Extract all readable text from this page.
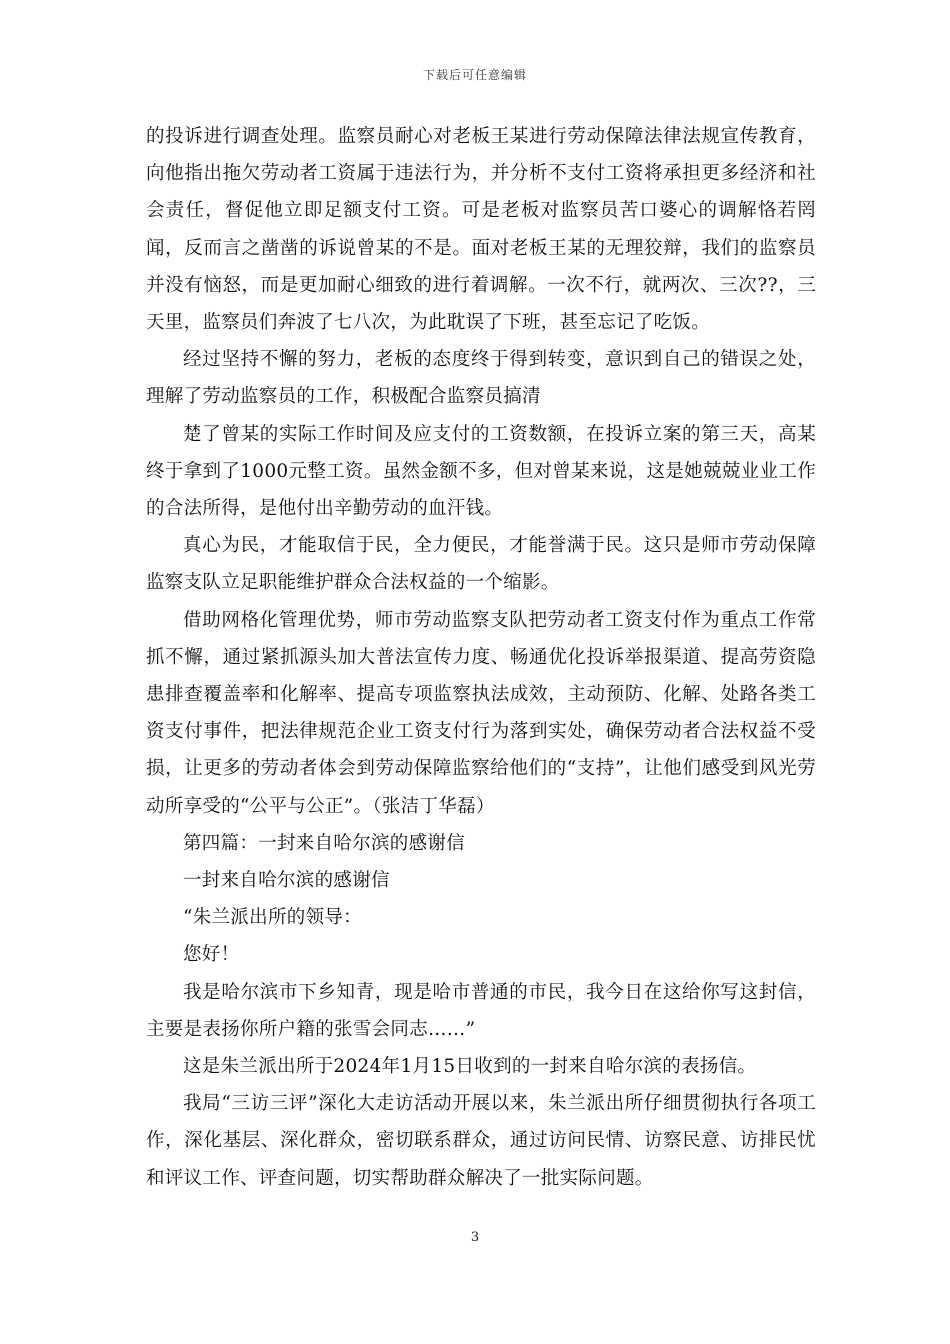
下载后可任意编辑

的投诉进行调查处理。监察员耐心对老板王某进行劳动保障法律法规宣传教育，向他指出拖欠劳动者工资属于违法行为，并分析不支付工资将承担更多经济和社会责任，督促他立即足额支付工资。可是老板对监察员苦口婆心的调解恪若罔闻，反而言之凿凿的诉说曾某的不是。面对老板王某的无理狡辩，我们的监察员并没有恼怒，而是更加耐心细致的进行着调解。一次不行，就两次、三次??，三天里，监察员们奔波了七八次，为此耽误了下班，甚至忘记了吃饭。

经过坚持不懈的努力，老板的态度终于得到转变，意识到自己的错误之处，理解了劳动监察员的工作，积极配合监察员搞清

楚了曾某的实际工作时间及应支付的工资数额，在投诉立案的第三天，高某终于拿到了1000元整工资。虽然金额不多，但对曾某来说，这是她兢兢业业工作的合法所得，是他付出辛勤劳动的血汗钱。

真心为民，才能取信于民，全力便民，才能誉满于民。这只是师市劳动保障监察支队立足职能维护群众合法权益的一个缩影。

借助网格化管理优势，师市劳动监察支队把劳动者工资支付作为重点工作常抓不懈，通过紧抓源头加大普法宣传力度、畅通优化投诉举报渠道、提高劳资隐患排查覆盖率和化解率、提高专项监察执法成效，主动预防、化解、处路各类工资支付事件，把法律规范企业工资支付行为落到实处，确保劳动者合法权益不受损，让更多的劳动者体会到劳动保障监察给他们的“支持”，让他们感受到风光劳动所享受的“公平与公正”。（张洁丁华磊）

第四篇：一封来自哈尔滨的感谢信

一封来自哈尔滨的感谢信

“朱兰派出所的领导：

您好！

我是哈尔滨市下乡知青，现是哈市普通的市民，我今日在这给你写这封信，主要是表扬你所户籍的张雪会同志……”

这是朱兰派出所于2024年1月15日收到的一封来自哈尔滨的表扬信。

我局“三访三评”深化大走访活动开展以来，朱兰派出所仔细贯彻执行各项工作，深化基层、深化群众，密切联系群众，通过访问民情、访察民意、访排民忧和评议工作、评查问题，切实帮助群众解决了一批实际问题。

3
